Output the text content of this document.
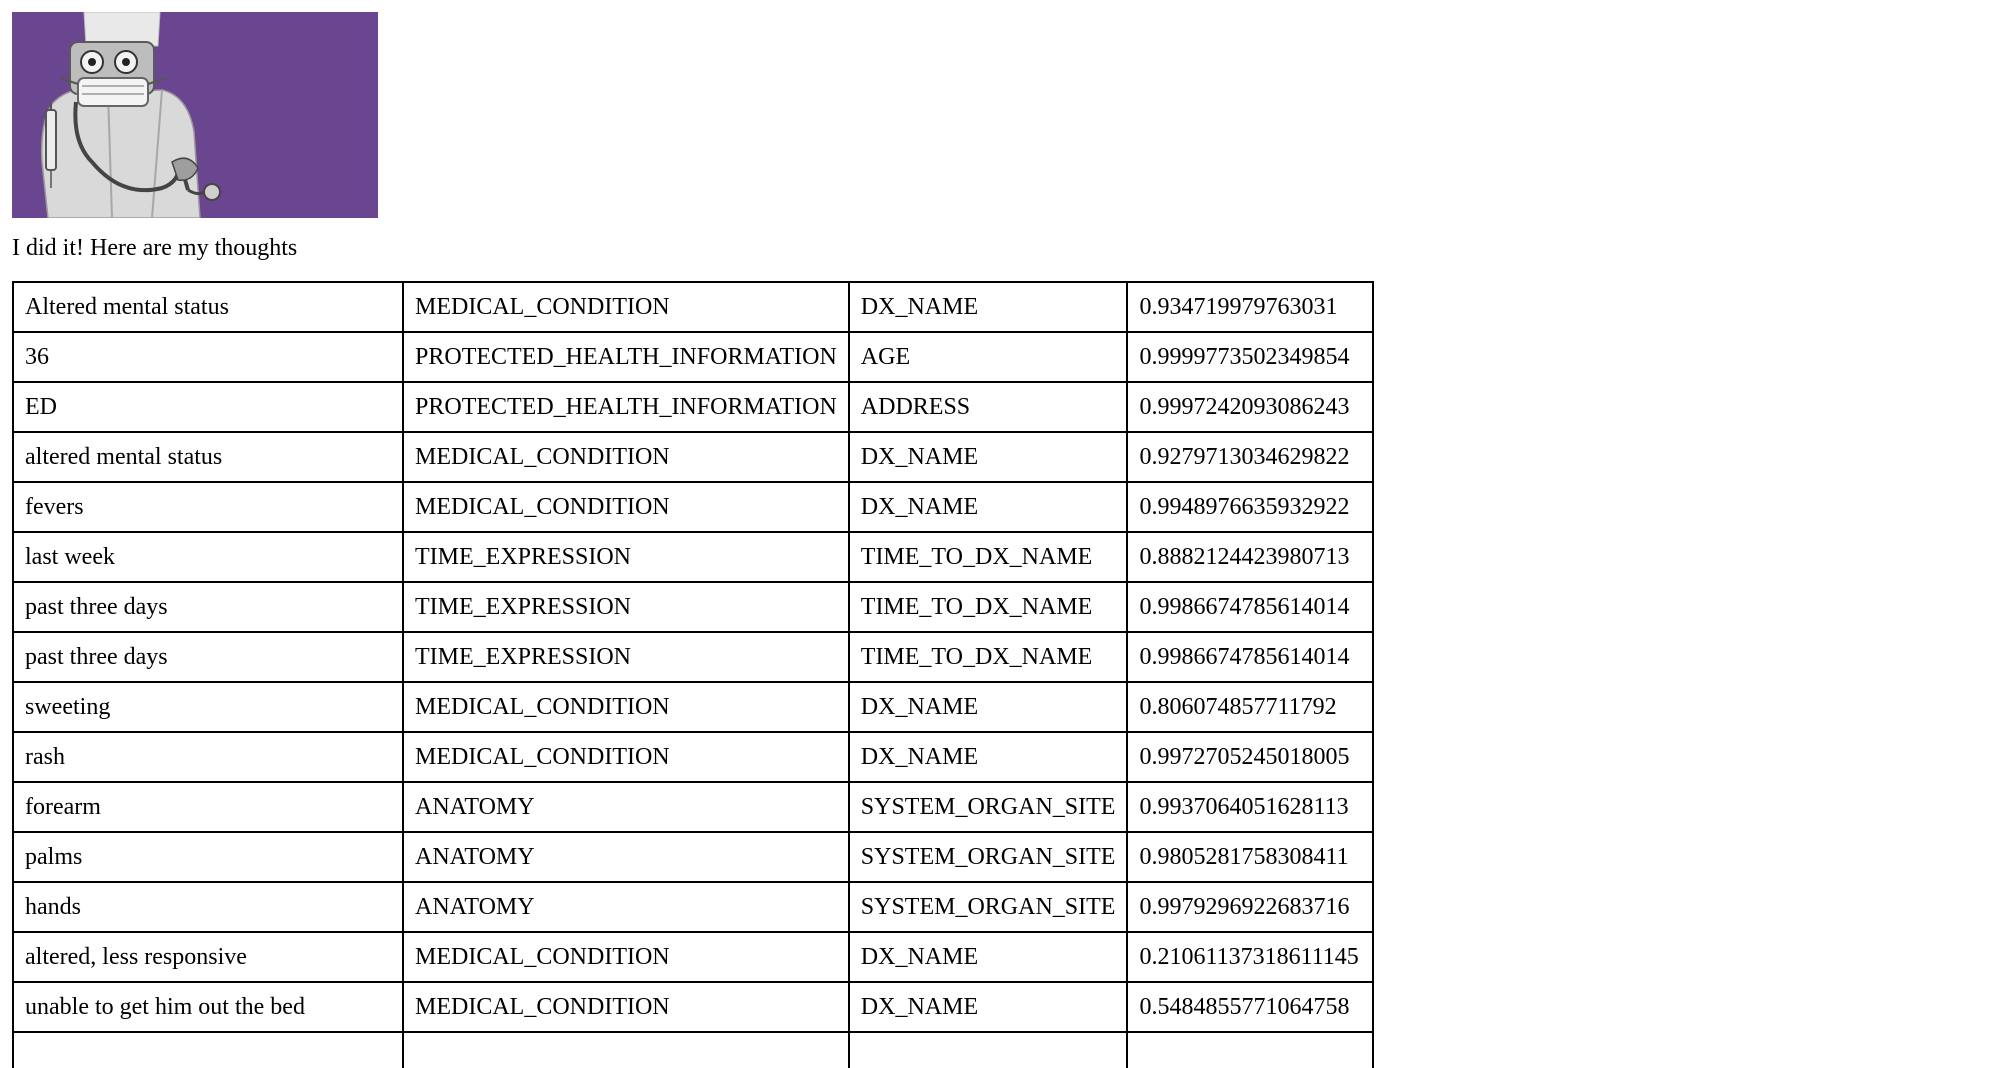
I did it! Here are my thoughts
Altered mental status	MEDICAL_CONDITION	DX_NAME	0.934719979763031
36	PROTECTED_HEALTH_INFORMATION	AGE	0.9999773502349854
ED	PROTECTED_HEALTH_INFORMATION	ADDRESS	0.9997242093086243
altered mental status	MEDICAL_CONDITION	DX_NAME	0.9279713034629822
fevers	MEDICAL_CONDITION	DX_NAME	0.9948976635932922
last week	TIME_EXPRESSION	TIME_TO_DX_NAME	0.8882124423980713
past three days	TIME_EXPRESSION	TIME_TO_DX_NAME	0.9986674785614014
past three days	TIME_EXPRESSION	TIME_TO_DX_NAME	0.9986674785614014
sweeting	MEDICAL_CONDITION	DX_NAME	0.806074857711792
rash	MEDICAL_CONDITION	DX_NAME	0.9972705245018005
forearm	ANATOMY	SYSTEM_ORGAN_SITE	0.9937064051628113
palms	ANATOMY	SYSTEM_ORGAN_SITE	0.9805281758308411
hands	ANATOMY	SYSTEM_ORGAN_SITE	0.9979296922683716
altered, less responsive	MEDICAL_CONDITION	DX_NAME	0.21061137318611145
unable to get him out the bed	MEDICAL_CONDITION	DX_NAME	0.5484855771064758
